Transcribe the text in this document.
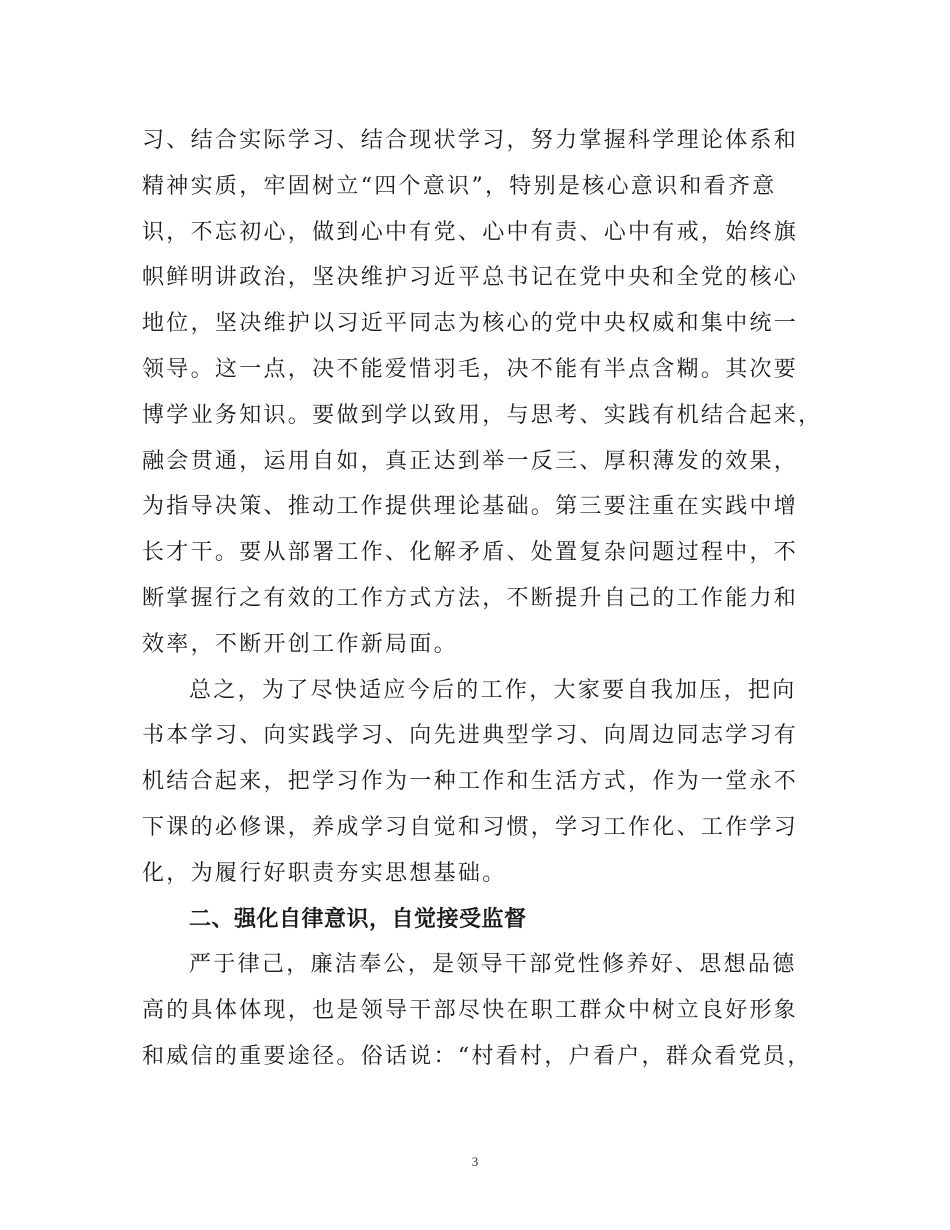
习、结合实际学习、结合现状学习，努力掌握科学理论体系和
精神实质，牢固树立“四个意识”，特别是核心意识和看齐意
识，不忘初心，做到心中有党、心中有责、心中有戒，始终旗
帜鲜明讲政治，坚决维护习近平总书记在党中央和全党的核心
地位，坚决维护以习近平同志为核心的党中央权威和集中统一
领导。这一点，决不能爱惜羽毛，决不能有半点含糊。其次要
博学业务知识。要做到学以致用，与思考、实践有机结合起来，
融会贯通，运用自如，真正达到举一反三、厚积薄发的效果，
为指导决策、推动工作提供理论基础。第三要注重在实践中增
长才干。要从部署工作、化解矛盾、处置复杂问题过程中，不
断掌握行之有效的工作方式方法，不断提升自己的工作能力和
效率，不断开创工作新局面。
总之，为了尽快适应今后的工作，大家要自我加压，把向
书本学习、向实践学习、向先进典型学习、向周边同志学习有
机结合起来，把学习作为一种工作和生活方式，作为一堂永不
下课的必修课，养成学习自觉和习惯，学习工作化、工作学习
化，为履行好职责夯实思想基础。
二、强化自律意识，自觉接受监督
严于律己，廉洁奉公，是领导干部党性修养好、思想品德
高的具体体现，也是领导干部尽快在职工群众中树立良好形象
和威信的重要途径。俗话说：“村看村，户看户，群众看党员，
3
